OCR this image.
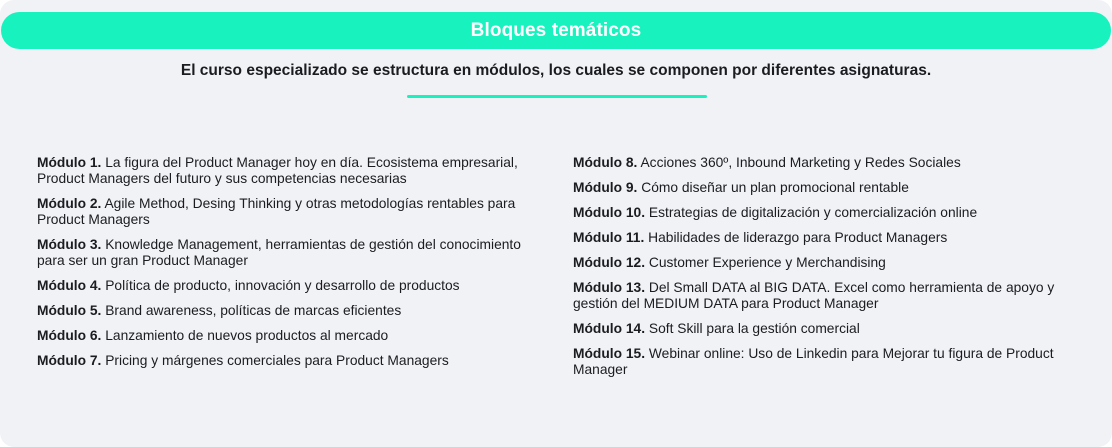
Bloques temáticos
El curso especializado se estructura en módulos, los cuales se componen por diferentes asignaturas.
Módulo 1. La figura del Product Manager hoy en día. Ecosistema empresarial, Product Managers del futuro y sus competencias necesarias
Módulo 2. Agile Method, Desing Thinking y otras metodologías rentables para Product Managers
Módulo 3. Knowledge Management, herramientas de gestión del conocimiento para ser un gran Product Manager
Módulo 4. Política de producto, innovación y desarrollo de productos
Módulo 5. Brand awareness, políticas de marcas eficientes
Módulo 6. Lanzamiento de nuevos productos al mercado
Módulo 7. Pricing y márgenes comerciales para Product Managers
Módulo 8. Acciones 360º, Inbound Marketing y Redes Sociales
Módulo 9. Cómo diseñar un plan promocional rentable
Módulo 10. Estrategias de digitalización y comercialización online
Módulo 11. Habilidades de liderazgo para Product Managers
Módulo 12. Customer Experience y Merchandising
Módulo 13. Del Small DATA al BIG DATA. Excel como herramienta de apoyo y gestión del MEDIUM DATA para Product Manager
Módulo 14. Soft Skill para la gestión comercial
Módulo 15. Webinar online: Uso de Linkedin para Mejorar tu figura de Product Manager
